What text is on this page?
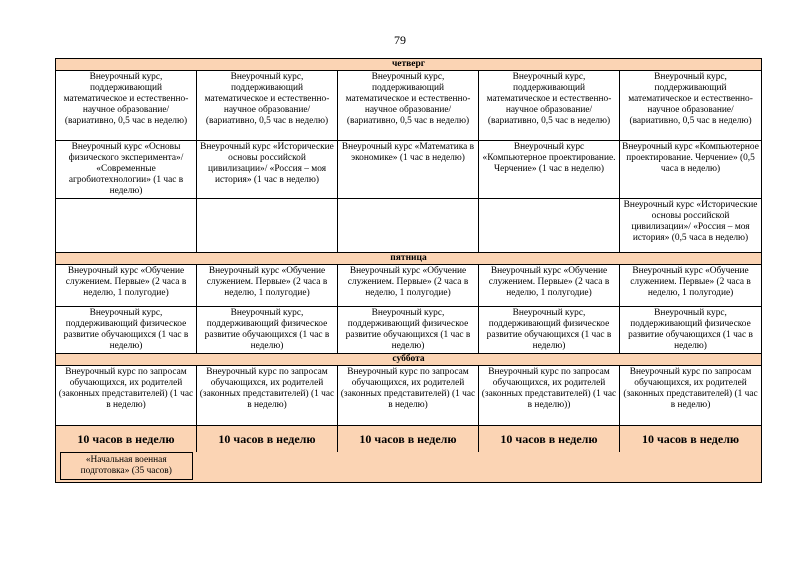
79
четверг				
Внеурочный курс, поддерживающий математическое и естественно-научное образование/ (вариативно, 0,5 час в неделю)	Внеурочный курс, поддерживающий математическое и естественно-научное образование/ (вариативно, 0,5 час в неделю)	Внеурочный курс, поддерживающий математическое и естественно-научное образование/ (вариативно, 0,5 час в неделю)	Внеурочный курс, поддерживающий математическое и естественно-научное образование/ (вариативно, 0,5 час в неделю)	Внеурочный курс, поддерживающий математическое и естественно-научное образование/ (вариативно, 0,5 час в неделю)
Внеурочный курс «Основы физического эксперимента»/ «Современные агробиотехнологии» (1 час в неделю)	Внеурочный курс «Исторические основы российской цивилизации»/ «Россия – моя история» (1 час в неделю)	Внеурочный курс «Математика в экономике» (1 час в неделю)	Внеурочный курс «Компьютерное проектирование. Черчение» (1 час в неделю)	Внеурочный курс «Компьютерное проектирование. Черчение» (0,5 часа в неделю)
				Внеурочный курс «Исторические основы российской цивилизации»/ «Россия – моя история» (0,5 часа в неделю)
пятница				
Внеурочный курс «Обучение служением. Первые» (2 часа в неделю, 1 полугодие)	Внеурочный курс «Обучение служением. Первые» (2 часа в неделю, 1 полугодие)	Внеурочный курс «Обучение служением. Первые» (2 часа в неделю, 1 полугодие)	Внеурочный курс «Обучение служением. Первые» (2 часа в неделю, 1 полугодие)	Внеурочный курс «Обучение служением. Первые» (2 часа в неделю, 1 полугодие)
Внеурочный курс, поддерживающий физическое развитие обучающихся (1 час в неделю)	Внеурочный курс, поддерживающий физическое развитие обучающихся (1 час в неделю)	Внеурочный курс, поддерживающий физическое развитие обучающихся (1 час в неделю)	Внеурочный курс, поддерживающий физическое развитие обучающихся (1 час в неделю)	Внеурочный курс, поддерживающий физическое развитие обучающихся (1 час в неделю)
суббота				
Внеурочный курс по запросам обучающихся, их родителей (законных представителей) (1 час в неделю)	Внеурочный курс по запросам обучающихся, их родителей (законных представителей) (1 час в неделю)	Внеурочный курс по запросам обучающихся, их родителей (законных представителей) (1 час в неделю)	Внеурочный курс по запросам обучающихся, их родителей (законных представителей) (1 час в неделю))	Внеурочный курс по запросам обучающихся, их родителей (законных представителей) (1 час в неделю)
10 часов в неделю	10 часов в неделю	10 часов в неделю	10 часов в неделю	10 часов в неделю

«Начальная военная подготовка» (35 часов)				
